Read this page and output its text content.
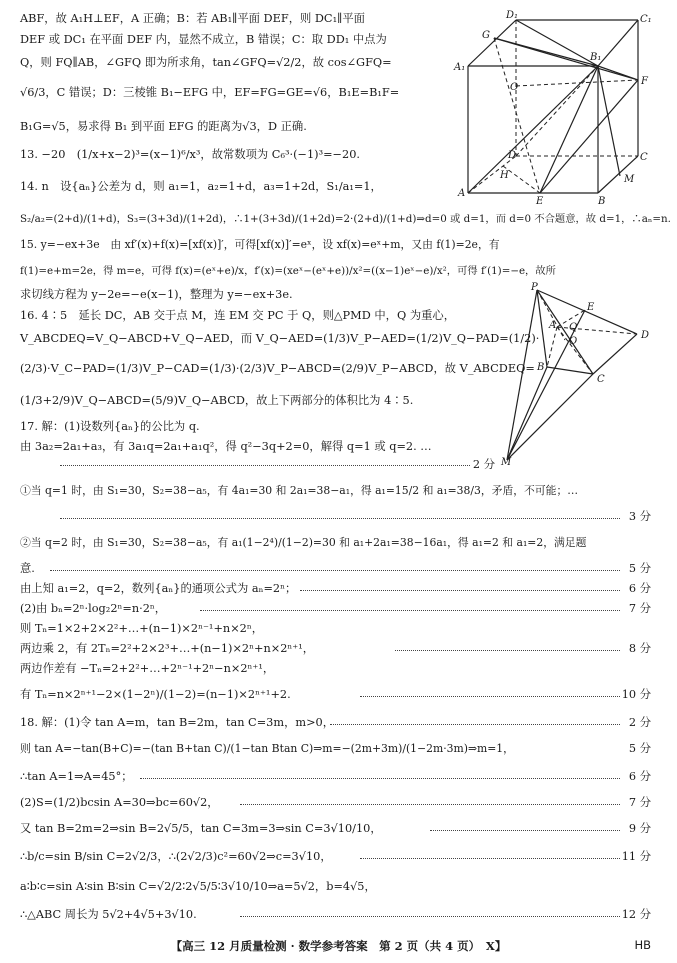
D₁	C₁
G
A₁
B₁
F
O
D
H
C
E
M
A
B
P
E
A
O
Q
D
B
C
M
ABF，故 A₁H⊥EF，A 正确；B：若 AB₁∥平面 DEF，则 DC₁∥平面
DEF 或 DC₁ 在平面 DEF 内，显然不成立，B 错误；C：取 DD₁ 中点为
Q，则 FQ∥AB，∠GFQ 即为所求角，tan∠GFQ=√2/2，故 cos∠GFQ=
√6/3，C 错误；D：三棱锥 B₁−EFG 中，EF=FG=GE=√6，B₁E=B₁F=
B₁G=√5，易求得 B₁ 到平面 EFG 的距离为√3，D 正确.
13. −20　(1/x+x−2)³=(x−1)⁶/x³，故常数项为 C₆³·(−1)³=−20.
14. n　设{aₙ}公差为 d，则 a₁=1，a₂=1+d，a₃=1+2d，S₁/a₁=1，
S₂/a₂=(2+d)/(1+d)，S₃=(3+3d)/(1+2d)，∴1+(3+3d)/(1+2d)=2·(2+d)/(1+d)⇒d=0 或 d=1，而 d=0 不合题意，故 d=1，∴aₙ=n.
15. y=−ex+3e　由 xf′(x)+f(x)=[xf(x)]′，可得[xf(x)]′=eˣ，设 xf(x)=eˣ+m，又由 f(1)=2e，有
f(1)=e+m=2e，得 m=e，可得 f(x)=(eˣ+e)/x，f′(x)=(xeˣ−(eˣ+e))/x²=((x−1)eˣ−e)/x²，可得 f′(1)=−e，故所
求切线方程为 y−2e=−e(x−1)，整理为 y=−ex+3e.
16. 4∶5　延长 DC，AB 交于点 M，连 EM 交 PC 于 Q，则△PMD 中，Q 为重心，
V_ABCDEQ=V_Q−ABCD+V_Q−AED，而 V_Q−AED=(1/3)V_P−AED=(1/2)V_Q−PAD=(1/2)·
(2/3)·V_C−PAD=(1/3)V_P−CAD=(1/3)·(2/3)V_P−ABCD=(2/9)V_P−ABCD，故 V_ABCDEQ=
(1/3+2/9)V_Q−ABCD=(5/9)V_Q−ABCD，故上下两部分的体积比为 4∶5.
17. 解：(1)设数列{aₙ}的公比为 q.
由 3a₂=2a₁+a₃，有 3a₁q=2a₁+a₁q²，得 q²−3q+2=0，解得 q=1 或 q=2. …
2 分
①当 q=1 时，由 S₁=30，S₂=38−a₅，有 4a₁=30 和 2a₁=38−a₁，得 a₁=15/2 和 a₁=38/3，矛盾，不可能；…
3 分
②当 q=2 时，由 S₁=30，S₂=38−a₅，有 a₁(1−2⁴)/(1−2)=30 和 a₁+2a₁=38−16a₁，得 a₁=2 和 a₁=2，满足题
意.	5 分
由上知 a₁=2，q=2，数列{aₙ}的通项公式为 aₙ=2ⁿ；	6 分
(2)由 bₙ=2ⁿ·log₂2ⁿ=n·2ⁿ，	7 分
则 Tₙ=1×2+2×2²+…+(n−1)×2ⁿ⁻¹+n×2ⁿ，
两边乘 2，有 2Tₙ=2²+2×2³+…+(n−1)×2ⁿ+n×2ⁿ⁺¹，	8 分
两边作差有 −Tₙ=2+2²+…+2ⁿ⁻¹+2ⁿ−n×2ⁿ⁺¹，
有 Tₙ=n×2ⁿ⁺¹−2×(1−2ⁿ)/(1−2)=(n−1)×2ⁿ⁺¹+2.	10 分
18. 解：(1)令 tan A=m，tan B=2m，tan C=3m，m>0，	2 分
则 tan A=−tan(B+C)=−(tan B+tan C)/(1−tan Btan C)⇒m=−(2m+3m)/(1−2m·3m)⇒m=1，	5 分
∴tan A=1⇒A=45°；	6 分
(2)S=(1/2)bcsin A=30⇒bc=60√2，	7 分
又 tan B=2m=2⇒sin B=2√5/5，tan C=3m=3⇒sin C=3√10/10，	9 分
∴b/c=sin B/sin C=2√2/3，∴(2√2/3)c²=60√2⇒c=3√10，	11 分
a∶b∶c=sin A∶sin B∶sin C=√2/2∶2√5/5∶3√10/10⇒a=5√2，b=4√5，
∴△ABC 周长为 5√2+4√5+3√10.	12 分
【高三 12 月质量检测 · 数学参考答案　第 2 页（共 4 页）　X】	HB
